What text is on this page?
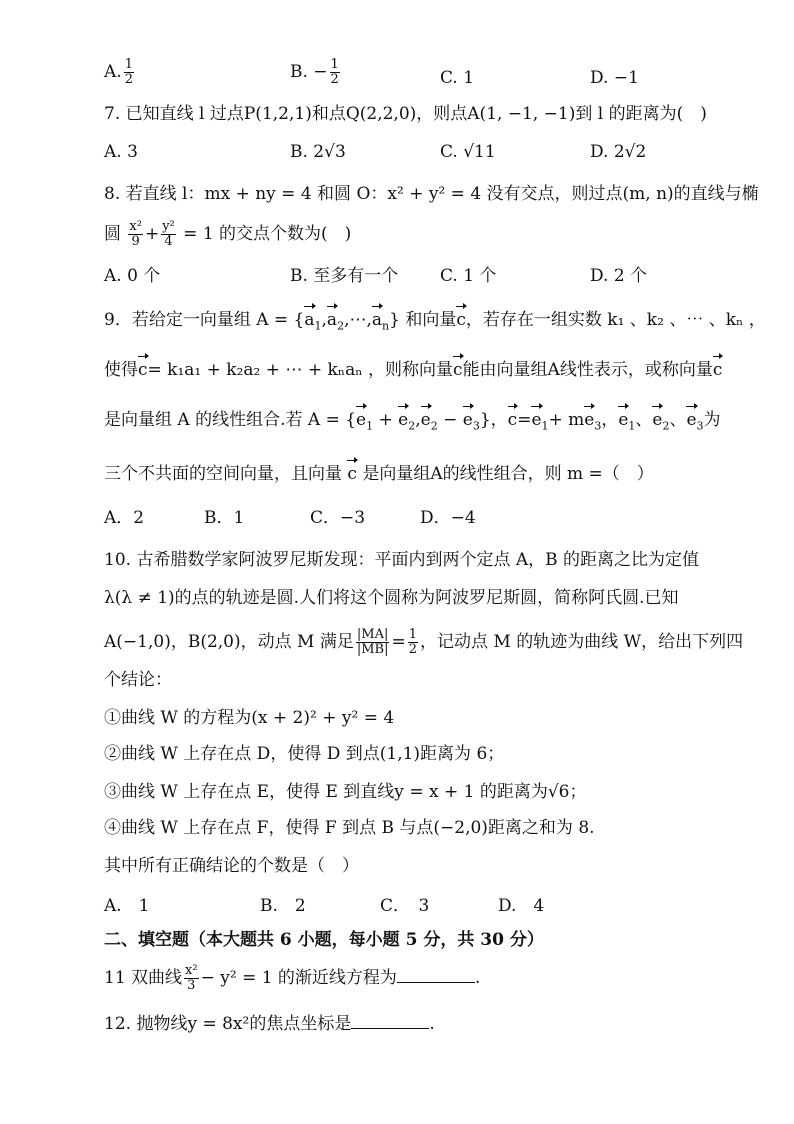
A. $\frac{1}{2}$	B. − $\frac{1}{2}$	C. 1	D. −1
7. 已知直线 l 过点P(1,2,1)和点Q(2,2,0)，则点A(1, −1, −1)到 l 的距离为(　)
A. 3	B. 2√3	C. √11	D. 2√2
8. 若直线 l：mx + ny = 4 和圆 O：x² + y² = 4 没有交点，则过点(m, n)的直线与椭
圆 $\frac{\text{x²}}{9} + \frac{\text{y²}}{4} = 1$ 的交点个数为(　)
A. 0 个	B. 至多有一个 C. 1 个	D. 2 个
9．若给定一向量组 $A = \{a_1,a_2,\cdots,a_n\}$ 和向量c，若存在一组实数 k₁ 、k₂ 、⋯ 、kₙ ，
使得c= k₁a₁ + k₂a₂ + ⋯ + kₙaₙ ，则称向量c能由向量组A线性表示，或称向量c
是向量组 A 的线性组合.若 $A = \{e_1 + e_2,e_2 - e_3\}$，$c=e_1+ me_3$，$e_1$、$e_2$、$e_3$为
三个不共面的空间向量，且向量 c 是向量组A的线性组合，则 m =（　）
A．2	B．1	C．−3	D．−4
10. 古希腊数学家阿波罗尼斯发现：平面内到两个定点 A，B 的距离之比为定值
λ(λ ≠ 1)的点的轨迹是圆.人们将这个圆称为阿波罗尼斯圆，简称阿氏圆.已知
A(−1,0)，B(2,0)，动点 M 满足 $\frac{|MA|}{|MB|} = \frac{1}{2}$ ，记动点 M 的轨迹为曲线 W，给出下列四
个结论：
①曲线 W 的方程为(x + 2)² + y² = 4
②曲线 W 上存在点 D，使得 D 到点(1,1)距离为 6；
③曲线 W 上存在点 E，使得 E 到直线y = x + 1 的距离为√6；
④曲线 W 上存在点 F，使得 F 到点 B 与点(−2,0)距离之和为 8.
其中所有正确结论的个数是（　）
A.　1	B.　2	C．　3	D.　4
二、填空题（本大题共 6 小题，每小题 5 分，共 30 分）
11 双曲线 $\frac{\text{x²}}{3} - y^2 = 1$ 的渐近线方程为	.
12. 抛物线y = 8x²的焦点坐标是	.
